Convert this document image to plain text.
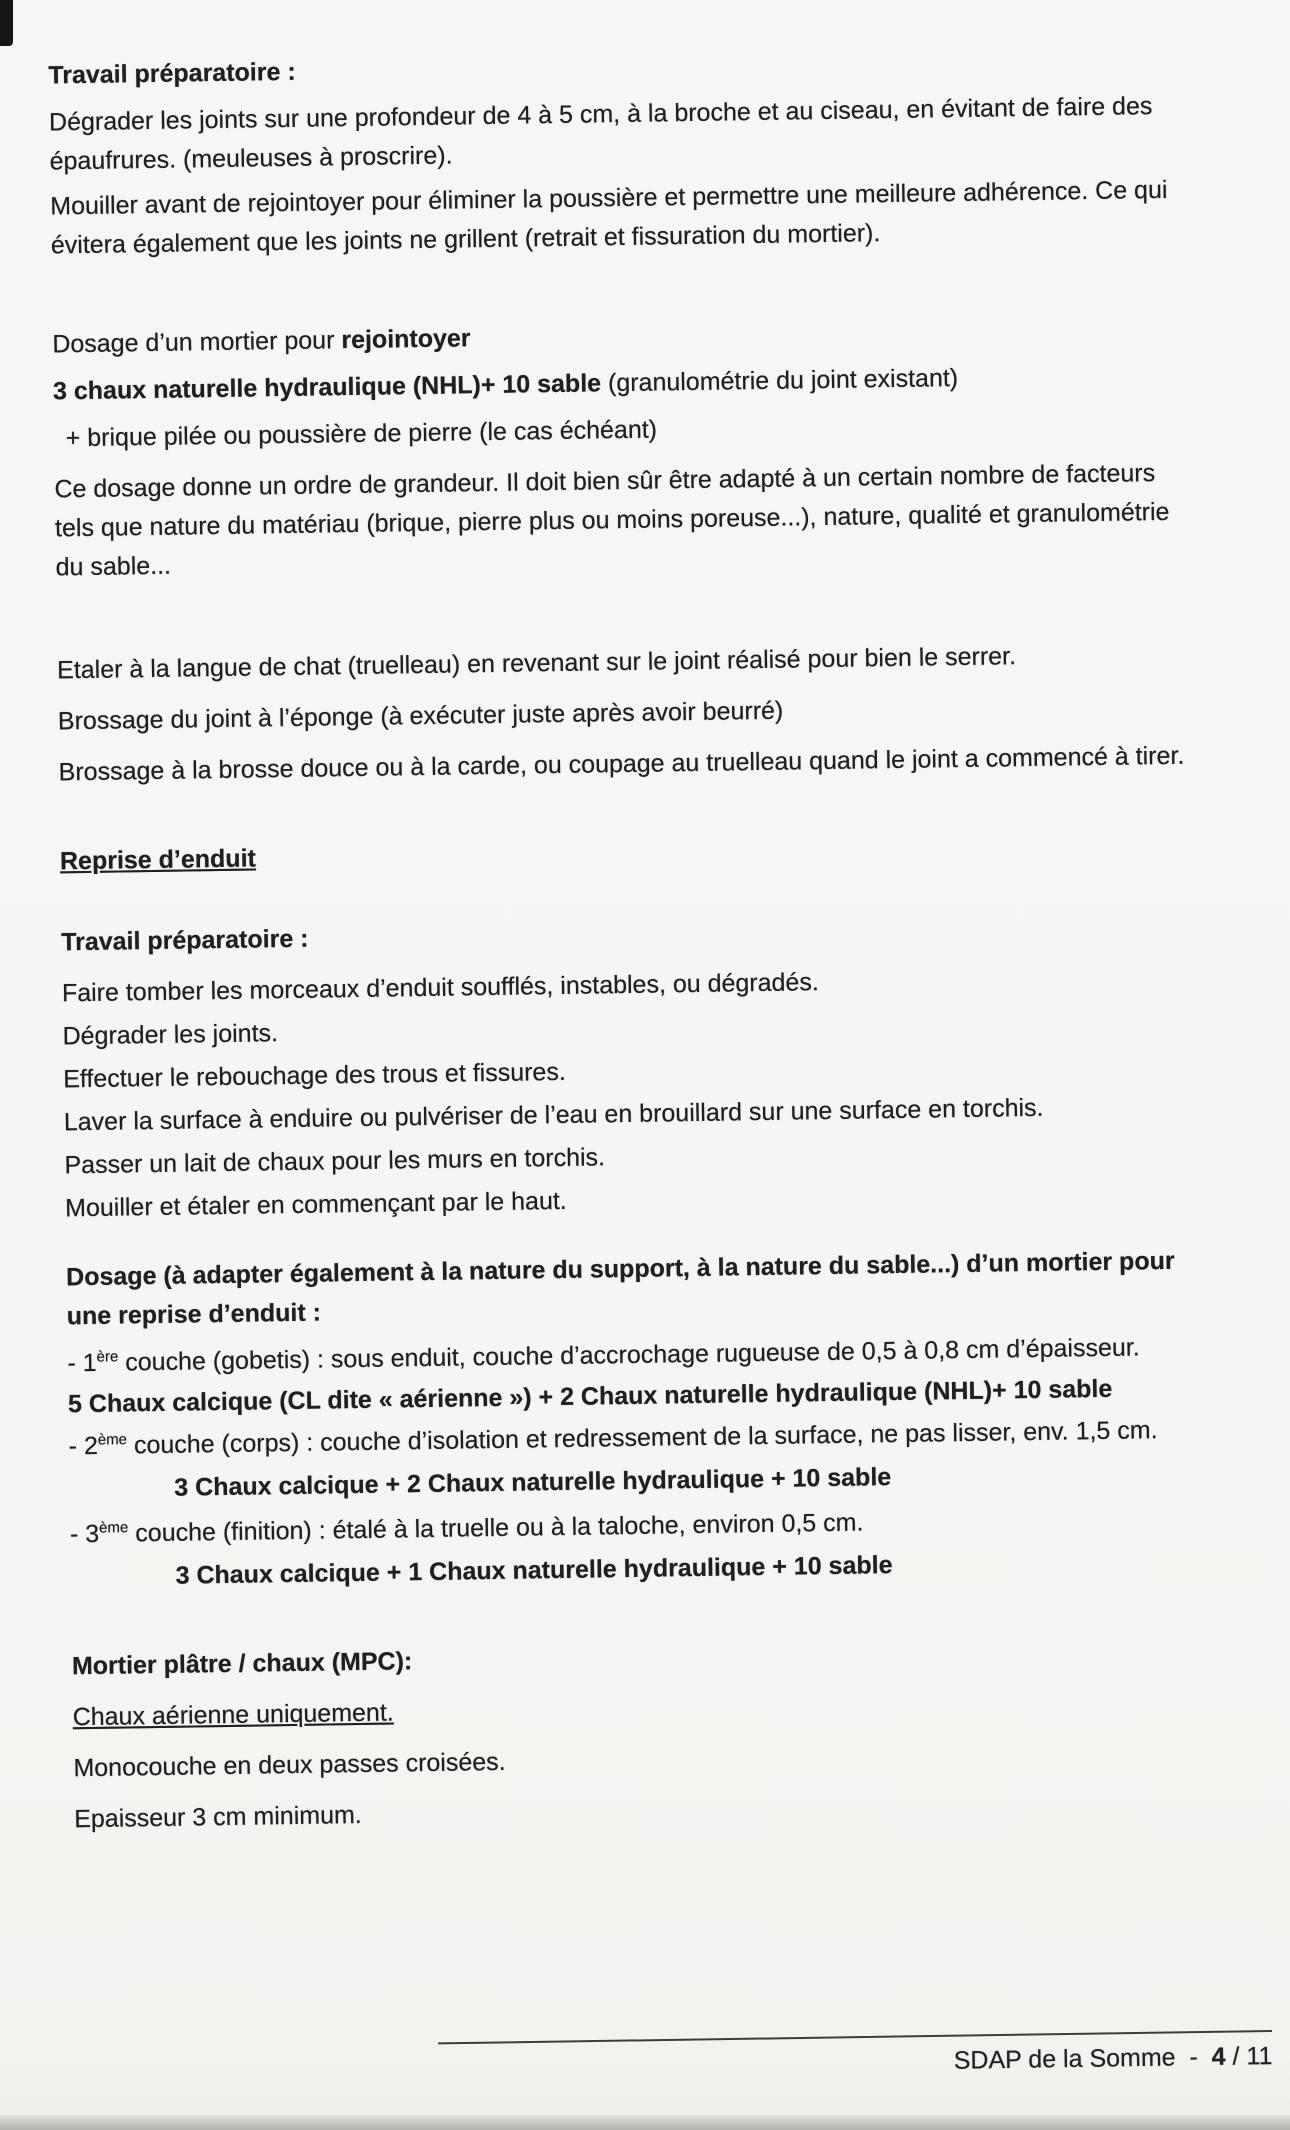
Travail préparatoire :

Dégrader les joints sur une profondeur de 4 à 5 cm, à la broche et au ciseau, en évitant de faire des épaufrures. (meuleuses à proscrire).

Mouiller avant de rejointoyer pour éliminer la poussière et permettre une meilleure adhérence. Ce qui évitera également que les joints ne grillent (retrait et fissuration du mortier).

Dosage d’un mortier pour rejointoyer

3 chaux naturelle hydraulique (NHL)+ 10 sable (granulométrie du joint existant)

+ brique pilée ou poussière de pierre (le cas échéant)

Ce dosage donne un ordre de grandeur. Il doit bien sûr être adapté à un certain nombre de facteurs tels que nature du matériau (brique, pierre plus ou moins poreuse...), nature, qualité et granulométrie du sable...

Etaler à la langue de chat (truelleau) en revenant sur le joint réalisé pour bien le serrer.

Brossage du joint à l’éponge (à exécuter juste après avoir beurré)

Brossage à la brosse douce ou à la carde, ou coupage au truelleau quand le joint a commencé à tirer.

Reprise d’enduit

Travail préparatoire :

Faire tomber les morceaux d’enduit soufflés, instables, ou dégradés.

Dégrader les joints.

Effectuer le rebouchage des trous et fissures.

Laver la surface à enduire ou pulvériser de l’eau en brouillard sur une surface en torchis.

Passer un lait de chaux pour les murs en torchis.

Mouiller et étaler en commençant par le haut.

Dosage (à adapter également à la nature du support, à la nature du sable...) d’un mortier pour une reprise d’enduit :

- 1ère couche (gobetis) : sous enduit, couche d’accrochage rugueuse de 0,5 à 0,8 cm d’épaisseur.

5 Chaux calcique (CL dite « aérienne ») + 2 Chaux naturelle hydraulique (NHL)+ 10 sable

- 2ème couche (corps) : couche d’isolation et redressement de la surface, ne pas lisser, env. 1,5 cm.

3 Chaux calcique + 2 Chaux naturelle hydraulique + 10 sable

- 3ème couche (finition) : étalé à la truelle ou à la taloche, environ 0,5 cm.

3 Chaux calcique + 1 Chaux naturelle hydraulique + 10 sable

Mortier plâtre / chaux (MPC):

Chaux aérienne uniquement.

Monocouche en deux passes croisées.

Epaisseur 3 cm minimum.

SDAP de la Somme  -  4 / 11
